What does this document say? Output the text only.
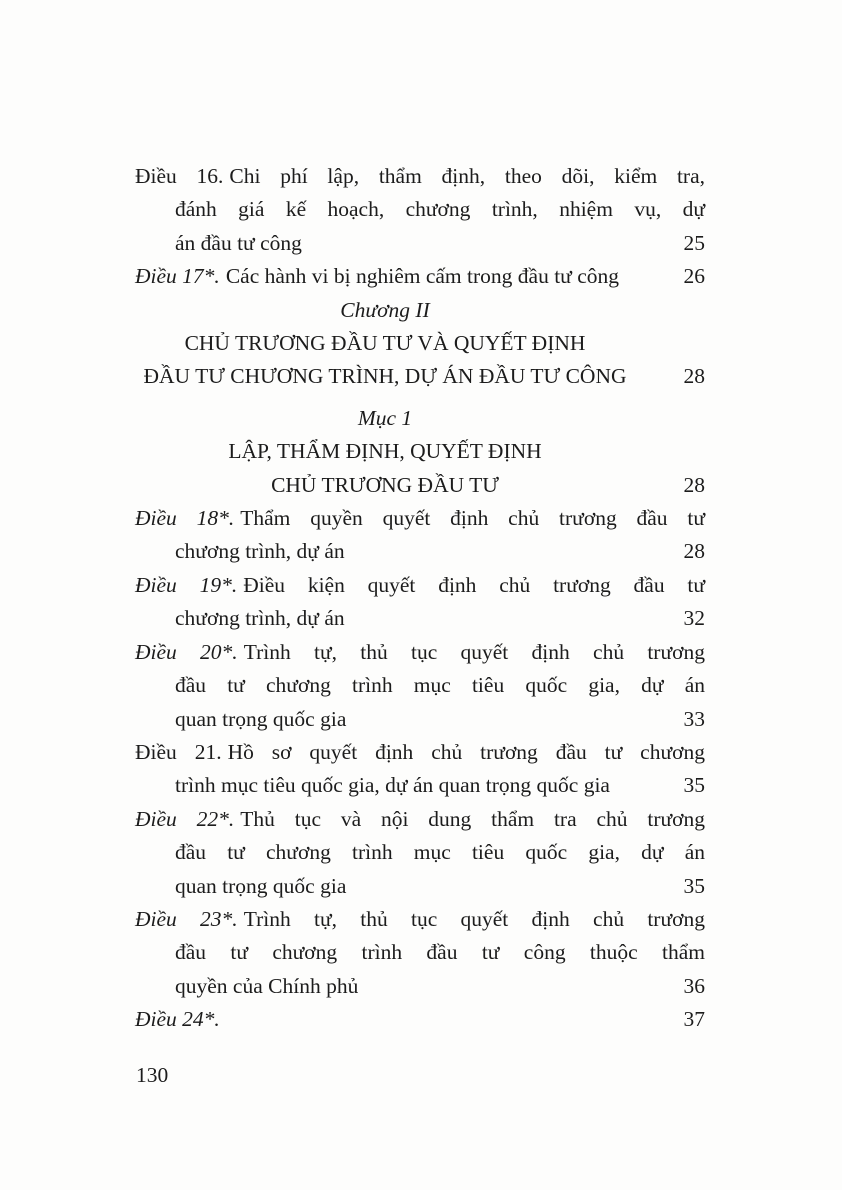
Điều 16. Chi phí lập, thẩm định, theo dõi, kiểm tra,
đánh giá kế hoạch, chương trình, nhiệm vụ, dự
25
án đầu tư công
26
Điều 17*. Các hành vi bị nghiêm cấm trong đầu tư công
Chương II
CHỦ TRƯƠNG ĐẦU TƯ VÀ QUYẾT ĐỊNH
ĐẦU TƯ CHƯƠNG TRÌNH, DỰ ÁN ĐẦU TƯ CÔNG	28
Mục 1
LẬP, THẨM ĐỊNH, QUYẾT ĐỊNH
CHỦ TRƯƠNG ĐẦU TƯ	28
Điều 18*. Thẩm quyền quyết định chủ trương đầu tư
28
chương trình, dự án
Điều 19*. Điều kiện quyết định chủ trương đầu tư
32
chương trình, dự án
Điều 20*. Trình tự, thủ tục quyết định chủ trương
đầu tư chương trình mục tiêu quốc gia, dự án
33
quan trọng quốc gia
Điều 21. Hồ sơ quyết định chủ trương đầu tư chương
35
trình mục tiêu quốc gia, dự án quan trọng quốc gia
Điều 22*. Thủ tục và nội dung thẩm tra chủ trương
đầu tư chương trình mục tiêu quốc gia, dự án
35
quan trọng quốc gia
Điều 23*. Trình tự, thủ tục quyết định chủ trương
đầu tư chương trình đầu tư công thuộc thẩm
36
quyền của Chính phủ
37
Điều 24*.
130
